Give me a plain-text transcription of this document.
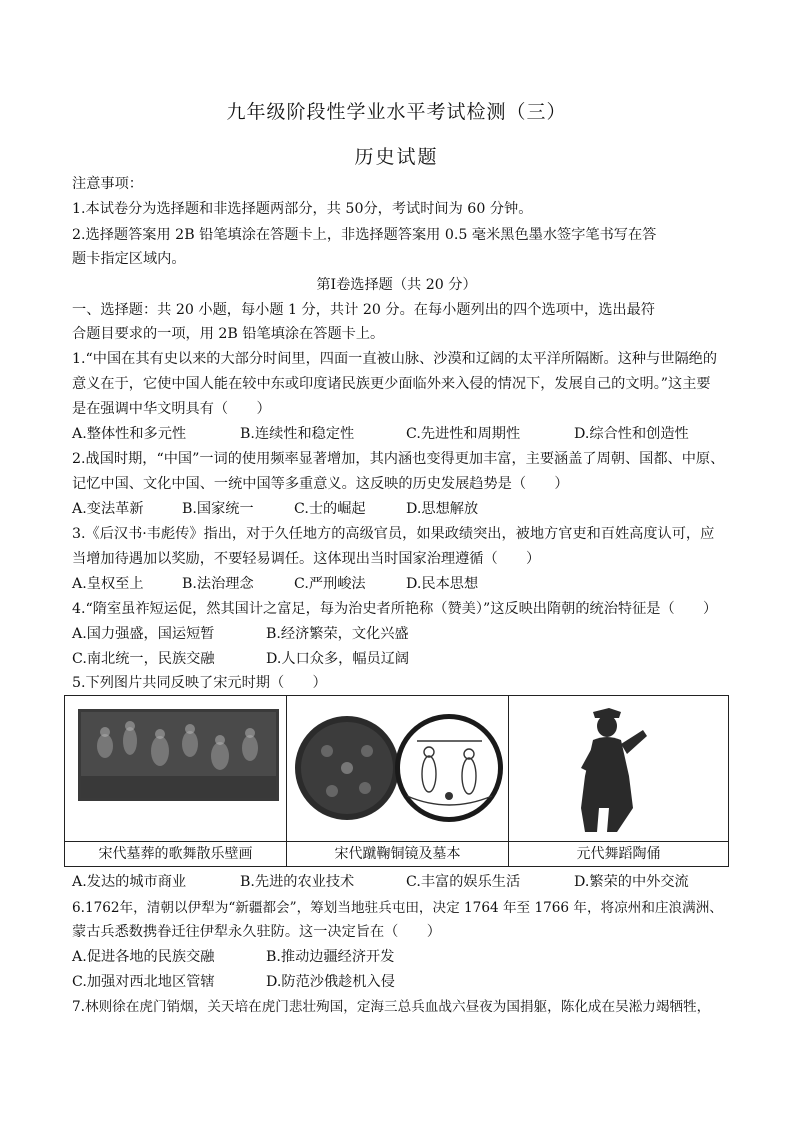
九年级阶段性学业水平考试检测（三）
历史试题
注意事项：
1.本试卷分为选择题和非选择题两部分，共 50分，考试时间为 60 分钟。
2.选择题答案用 2B 铅笔填涂在答题卡上，非选择题答案用 0.5 毫米黑色墨水签字笔书写在答
题卡指定区域内。
第Ⅰ卷选择题（共 20 分）
一、选择题：共 20 小题，每小题 1 分，共计 20 分。在每小题列出的四个选项中，选出最符
合题目要求的一项，用 2B 铅笔填涂在答题卡上。
1.“中国在其有史以来的大部分时间里，四面一直被山脉、沙漠和辽阔的太平洋所隔断。这种与世隔绝的
意义在于，它使中国人能在较中东或印度诸民族更少面临外来入侵的情况下，发展自己的文明。”这主要
是在强调中华文明具有（　　）
A.整体性和多元性	B.连续性和稳定性	C.先进性和周期性	D.综合性和创造性
2.战国时期，“中国”一词的使用频率显著增加，其内涵也变得更加丰富，主要涵盖了周朝、国都、中原、
记忆中国、文化中国、一统中国等多重意义。这反映的历史发展趋势是（　　）
A.变法革新	B.国家统一	C.士的崛起	D.思想解放
3.《后汉书·韦彪传》指出，对于久任地方的高级官员，如果政绩突出，被地方官吏和百姓高度认可，应
当增加待遇加以奖励，不要轻易调任。这体现出当时国家治理遵循（　　）
A.皇权至上	B.法治理念	C.严刑峻法	D.民本思想
4.“隋室虽祚短运促，然其国计之富足，每为治史者所艳称（赞美）”这反映出隋朝的统治特征是（　　）
A.国力强盛，国运短暂	B.经济繁荣，文化兴盛
C.南北统一，民族交融	D.人口众多，幅员辽阔
5.下列图片共同反映了宋元时期（　　）
宋代墓葬的歌舞散乐壁画	宋代蹴鞠铜镜及墓本	元代舞蹈陶俑
A.发达的城市商业	B.先进的农业技术	C.丰富的娱乐生活	D.繁荣的中外交流
6.1762年，清朝以伊犁为“新疆都会”，筹划当地驻兵屯田，决定 1764 年至 1766 年，将凉州和庄浪满洲、
蒙古兵悉数携眷迁往伊犁永久驻防。这一决定旨在（　　）
A.促进各地的民族交融	B.推动边疆经济开发
C.加强对西北地区管辖	D.防范沙俄趁机入侵
7.林则徐在虎门销烟，关天培在虎门悲壮殉国，定海三总兵血战六昼夜为国捐躯，陈化成在吴淞力竭牺牲，
